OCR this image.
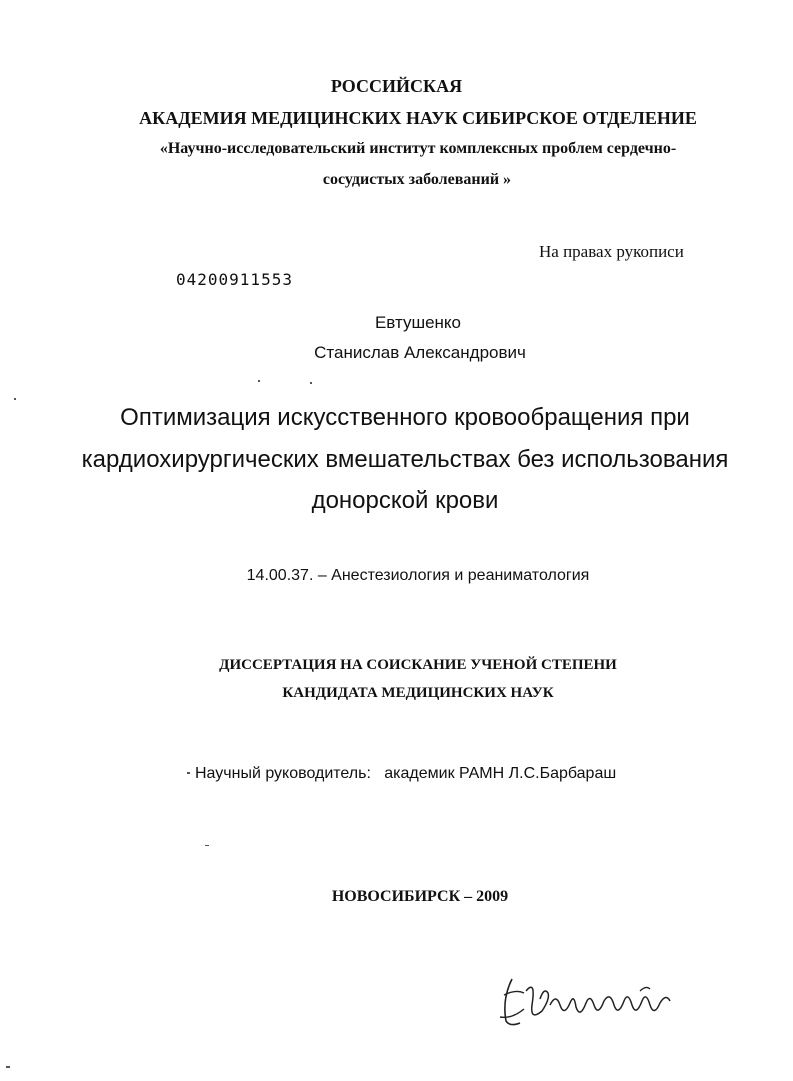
РОССИЙСКАЯ
АКАДЕМИЯ МЕДИЦИНСКИХ НАУК СИБИРСКОЕ ОТДЕЛЕНИЕ
«Научно-исследовательский институт комплексных проблем сердечно-
сосудистых заболеваний »
На правах рукописи
04200911553
Евтушенко
Станислав Александрович
Оптимизация искусственного кровообращения при
кардиохирургических вмешательствах без использования
донорской крови
14.00.37. – Анестезиология и реаниматология
ДИССЕРТАЦИЯ НА СОИСКАНИЕ УЧЕНОЙ СТЕПЕНИ
КАНДИДАТА МЕДИЦИНСКИХ НАУК
Научный руководитель: академик РАМН Л.С.Барбараш
НОВОСИБИРСК – 2009
